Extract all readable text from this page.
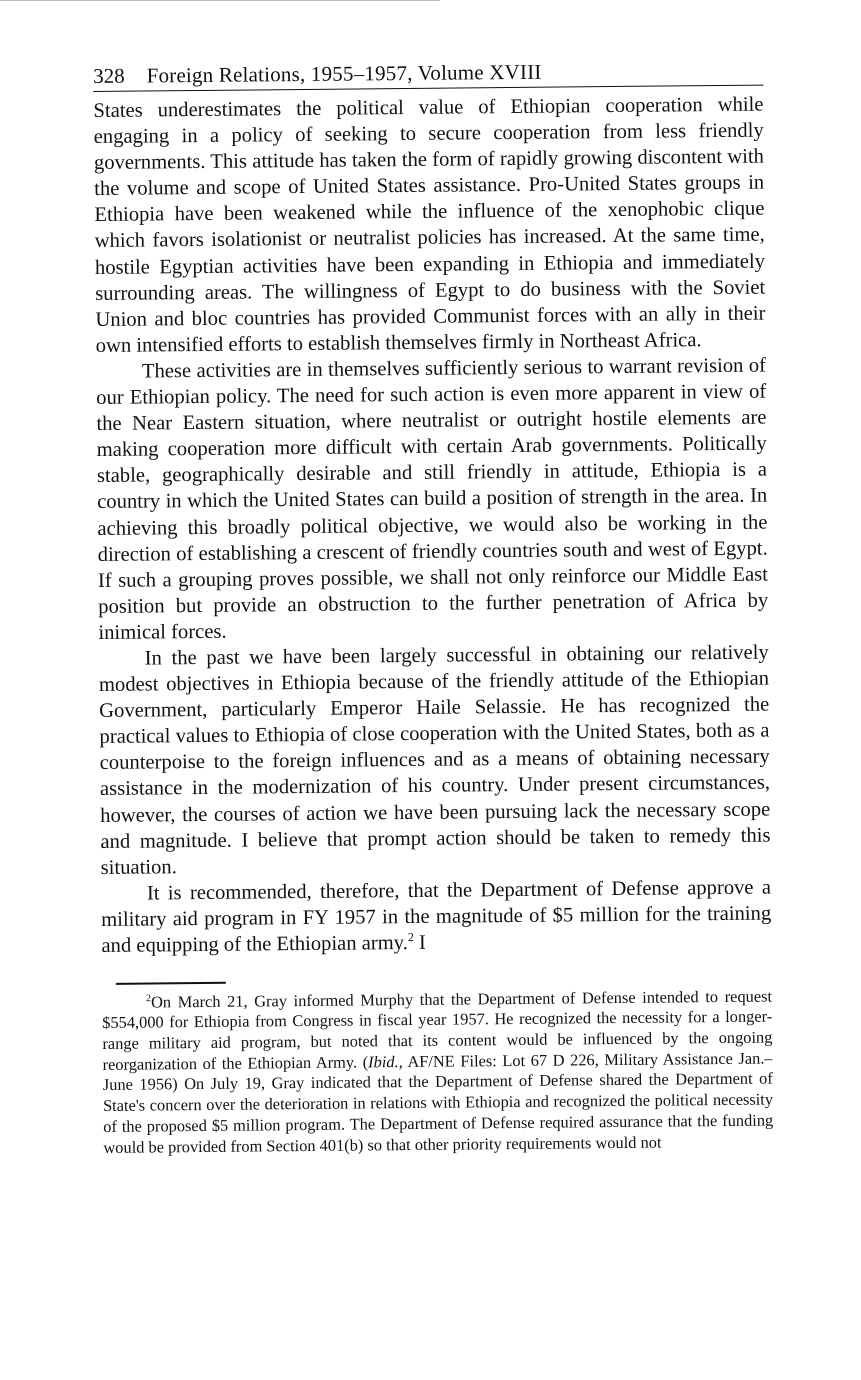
328 Foreign Relations, 1955–1957, Volume XVIII

States underestimates the political value of Ethiopian cooperation while engaging in a policy of seeking to secure cooperation from less friendly governments. This attitude has taken the form of rapidly growing discontent with the volume and scope of United States assistance. Pro-United States groups in Ethiopia have been weakened while the influence of the xenophobic clique which favors isolationist or neutralist policies has increased. At the same time, hostile Egyptian activities have been expanding in Ethiopia and immediately surrounding areas. The willingness of Egypt to do business with the Soviet Union and bloc countries has provided Communist forces with an ally in their own intensified efforts to establish themselves firmly in Northeast Africa.

These activities are in themselves sufficiently serious to warrant revision of our Ethiopian policy. The need for such action is even more apparent in view of the Near Eastern situation, where neutralist or outright hostile elements are making cooperation more difficult with certain Arab governments. Politically stable, geographically desirable and still friendly in attitude, Ethiopia is a country in which the United States can build a position of strength in the area. In achieving this broadly political objective, we would also be working in the direction of establishing a crescent of friendly countries south and west of Egypt. If such a grouping proves possible, we shall not only reinforce our Middle East position but provide an obstruction to the further penetration of Africa by inimical forces.

In the past we have been largely successful in obtaining our relatively modest objectives in Ethiopia because of the friendly attitude of the Ethiopian Government, particularly Emperor Haile Selassie. He has recognized the practical values to Ethiopia of close cooperation with the United States, both as a counterpoise to the foreign influences and as a means of obtaining necessary assistance in the modernization of his country. Under present circumstances, however, the courses of action we have been pursuing lack the necessary scope and magnitude. I believe that prompt action should be taken to remedy this situation.

It is recommended, therefore, that the Department of Defense approve a military aid program in FY 1957 in the magnitude of $5 million for the training and equipping of the Ethiopian army.$^2$ I

$^2$On March 21, Gray informed Murphy that the Department of Defense intended to request $554,000 for Ethiopia from Congress in fiscal year 1957. He recognized the necessity for a longer-range military aid program, but noted that its content would be influenced by the ongoing reorganization of the Ethiopian Army. (Ibid., AF/NE Files: Lot 67 D 226, Military Assistance Jan.–June 1956) On July 19, Gray indicated that the Department of Defense shared the Department of State's concern over the deterioration in relations with Ethiopia and recognized the political necessity of the proposed $5 million program. The Department of Defense required assurance that the funding would be provided from Section 401(b) so that other priority requirements would not
